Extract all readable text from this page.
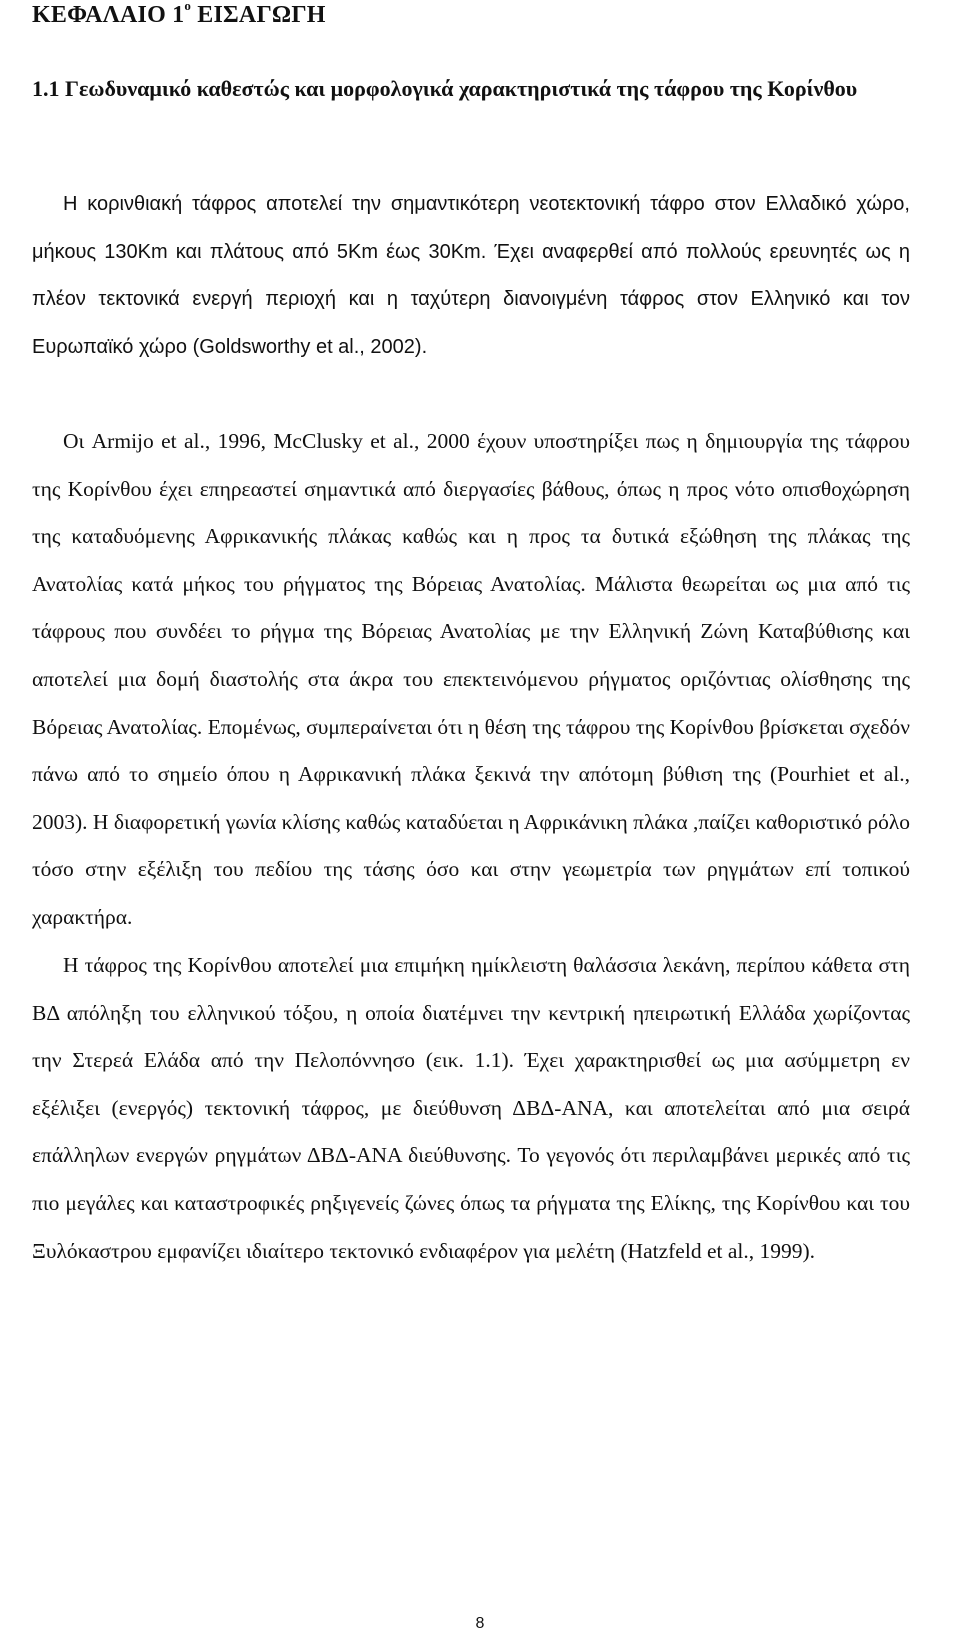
ΚΕΦΑΛΑΙΟ $1^o$ ΕΙΣΑΓΩΓΗ
1.1 Γεωδυναμικό καθεστώς και μορφολογικά χαρακτηριστικά της τάφρου της Κορίνθου

Η κορινθιακή τάφρος αποτελεί την σημαντικότερη νεοτεκτονική τάφρο στον Ελλαδικό χώρο, μήκους 130Km και πλάτους από 5Km έως 30Km. Έχει αναφερθεί από πολλούς ερευνητές ως η πλέον τεκτονικά ενεργή περιοχή και η ταχύτερη διανοιγμένη τάφρος στον Ελληνικό και τον Ευρωπαϊκό χώρο (Goldsworthy et al., 2002).

Οι Armijo et al., 1996, McClusky et al., 2000 έχουν υποστηρίξει πως η δημιουργία της τάφρου της Κορίνθου έχει επηρεαστεί σημαντικά από διεργασίες βάθους, όπως η προς νότο οπισθοχώρηση της καταδυόμενης Αφρικανικής πλάκας καθώς και η προς τα δυτικά εξώθηση της πλάκας της Ανατολίας κατά μήκος του ρήγματος της Βόρειας Ανατολίας. Μάλιστα θεωρείται ως μια από τις τάφρους που συνδέει το ρήγμα της Βόρειας Ανατολίας με την Ελληνική Ζώνη Καταβύθισης και αποτελεί μια δομή διαστολής στα άκρα του επεκτεινόμενου ρήγματος οριζόντιας ολίσθησης της Βόρειας Ανατολίας. Επομένως, συμπεραίνεται ότι η θέση της τάφρου της Κορίνθου βρίσκεται σχεδόν πάνω από το σημείο όπου η Αφρικανική πλάκα ξεκινά την απότομη βύθιση της (Pourhiet et al., 2003). Η διαφορετική γωνία κλίσης καθώς καταδύεται η Αφρικάνικη πλάκα ,παίζει καθοριστικό ρόλο τόσο στην εξέλιξη του πεδίου της τάσης όσο και στην γεωμετρία των ρηγμάτων επί τοπικού χαρακτήρα.

Η τάφρος της Κορίνθου αποτελεί μια επιμήκη ημίκλειστη θαλάσσια λεκάνη, περίπου κάθετα στη ΒΔ απόληξη του ελληνικού τόξου, η οποία διατέμνει την κεντρική ηπειρωτική Ελλάδα χωρίζοντας την Στερεά Ελάδα από την Πελοπόννησο (εικ. 1.1). Έχει χαρακτηρισθεί ως μια ασύμμετρη εν εξέλιξει (ενεργός) τεκτονική τάφρος, με διεύθυνση ΔΒΔ-ΑΝΑ, και αποτελείται από μια σειρά επάλληλων ενεργών ρηγμάτων ΔΒΔ-ΑΝΑ διεύθυνσης. Το γεγονός ότι περιλαμβάνει μερικές από τις πιο μεγάλες και καταστροφικές ρηξιγενείς ζώνες όπως τα ρήγματα της Ελίκης, της Κορίνθου και του Ξυλόκαστρου εμφανίζει ιδιαίτερο τεκτονικό ενδιαφέρον για μελέτη (Hatzfeld et al., 1999).

8
